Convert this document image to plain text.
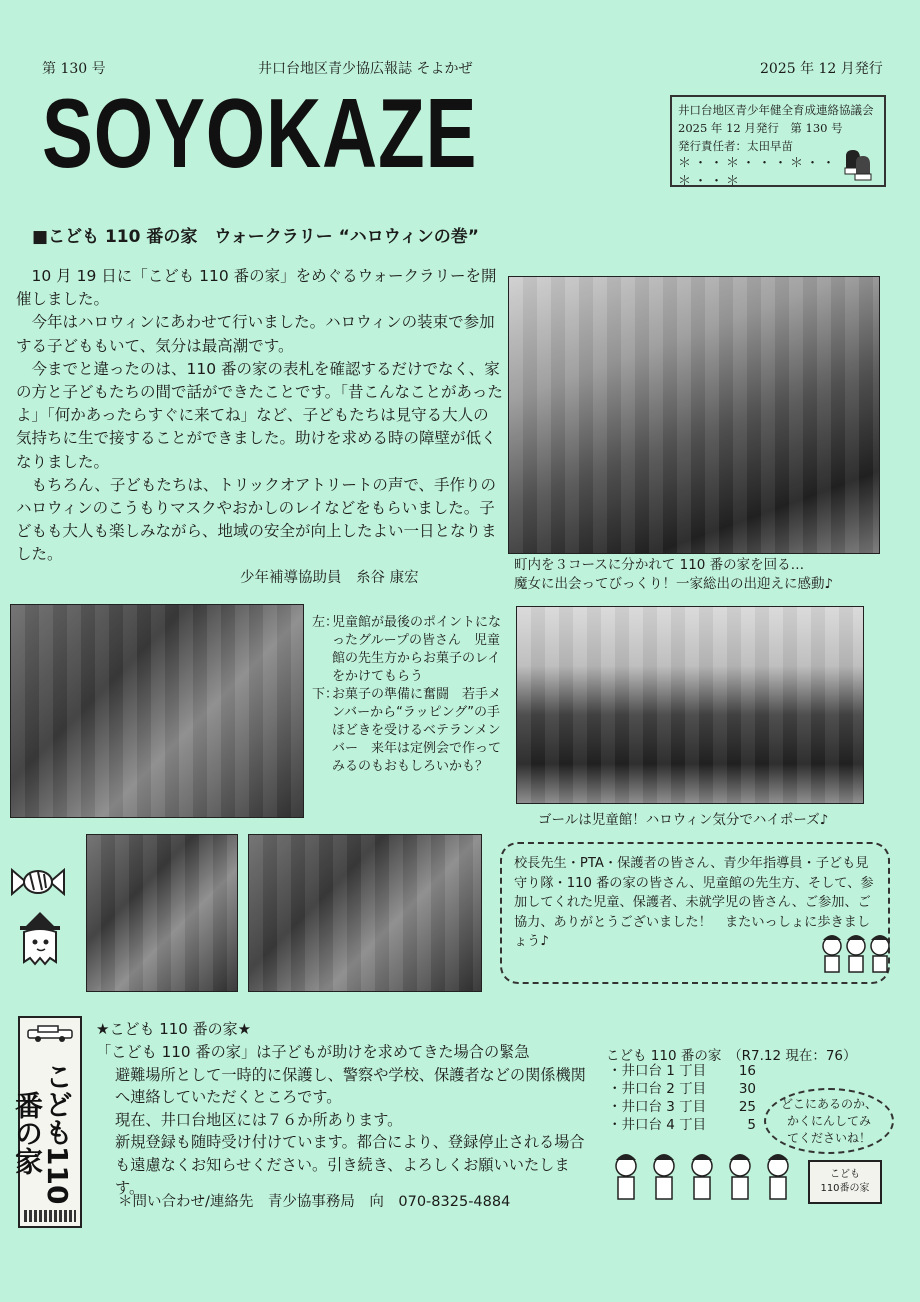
第 130 号	井口台地区青少協広報誌 そよかぜ	2025 年 12 月発行
SOYOKAZE	井口台地区青少年健全育成連絡協議会
2025 年 12 月発行　第 130 号
発行責任者：太田早苗
＊・・＊・・・＊・・＊・・＊
■こども 110 番の家　ウォークラリー “ハロウィンの巻”

10 月 19 日に「こども 110 番の家」をめぐるウォークラリーを開催しました。

今年はハロウィンにあわせて行いました。ハロウィンの装束で参加する子どももいて、気分は最高潮です。

今までと違ったのは、110 番の家の表札を確認するだけでなく、家の方と子どもたちの間で話ができたことです。「昔こんなことがあったよ」「何かあったらすぐに来てね」など、子どもたちは見守る大人の気持ちに生で接することができました。助けを求める時の障壁が低くなりました。

もちろん、子どもたちは、トリックオアトリートの声で、手作りのハロウィンのこうもりマスクやおかしのレイなどをもらいました。子どもも大人も楽しみながら、地域の安全が向上したよい一日となりました。

少年補導協助員　糸谷 康宏
町内を３コースに分かれて 110 番の家を回る…
魔女に出会ってびっくり！一家総出の出迎えに感動♪
左：
児童館が最後のポイントになったグループの皆さん　児童館の先生方からお菓子のレイをかけてもらう
下：
お菓子の準備に奮闘　若手メンバーから“ラッピング”の手ほどきを受けるベテランメンバー　来年は定例会で作ってみるのもおもしろいかも？
ゴールは児童館！ハロウィン気分でハイポーズ♪
校長先生・PTA・保護者の皆さん、青少年指導員・子ども見守り隊・110 番の家の皆さん、児童館の先生方、そして、参加してくれた児童、保護者、未就学児の皆さん、ご参加、ご協力、ありがとうございました！　またいっしょに歩きましょう♪
こども110番の家
★こども 110 番の家★
「こども 110 番の家」は子どもが助けを求めてきた場合の緊急
避難場所として一時的に保護し、警察や学校、保護者などの関係機関へ連絡していただくところです。
現在、井口台地区には７６か所あります。
新規登録も随時受け付けています。都合により、登録停止される場合も遠慮なくお知らせください。引き続き、よろしくお願いいたします。
＊問い合わせ/連絡先　青少協事務局　向　070-8325-4884
こども 110 番の家　（R7.12 現在：76）
・井口台 1 丁目	16
・井口台 2 丁目	30
・井口台 3 丁目	25
・井口台 4 丁目	5
どこにあるのか、
かくにんしてみ
てくださいね！
こども
110番の家
